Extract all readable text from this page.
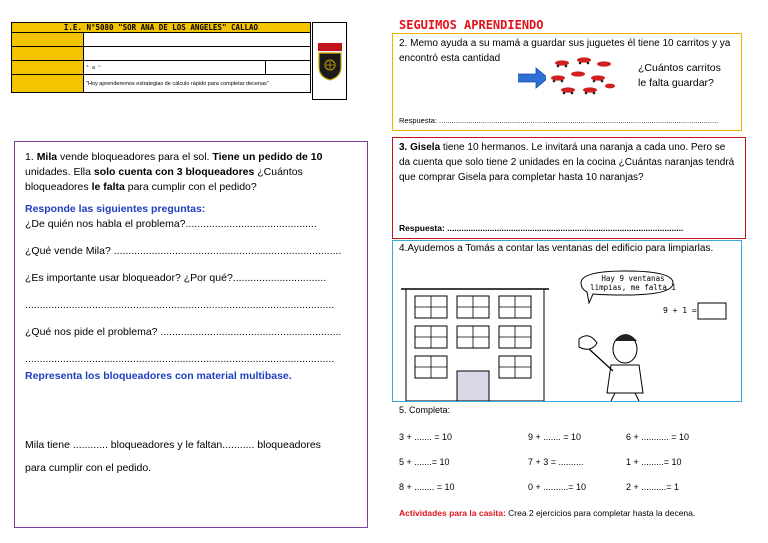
I.E. N°5080 "SOR ANA DE LOS ANGELES" CALLAO		

	° a ⁿ	
	"Hoy aprenderemos estrategias de cálculo rápido para completar decenas"	

1. Mila vende bloqueadores para el sol. Tiene un pedido de 10 unidades. Ella solo cuenta con 3 bloqueadores ¿Cuántos bloqueadores le falta para cumplir con el pedido?

Responde las siguientes preguntas:
¿De quién nos habla el problema?.............................................
¿Qué vende Mila? ..............................................................................
¿Es importante usar bloqueador? ¿Por qué?................................
..........................................................................................................
¿Qué nos pide el problema? ..............................................................
..........................................................................................................
Representa los bloqueadores con material multibase.
Mila tiene ............ bloqueadores y le faltan........... bloqueadores
para cumplir con el pedido.
SEGUIMOS APRENDIENDO
2. Memo ayuda a su mamá a guardar sus juguetes él tiene 10 carritos y ya encontró esta cantidad
¿Cuántos carritos
le falta guardar?
Respuesta: ......................................................................................................................................
3. Gisela tiene 10 hermanos. Le invitará una naranja a cada uno. Pero se da cuenta que solo tiene 2 unidades en la cocina ¿Cuántas naranjas tendrá que comprar Gisela para completar hasta 10 naranjas?
Respuesta: ....................................................................................................
4.Ayudemos a Tomás a contar las ventanas del edificio para limpiarlas.
Hay 9 ventanas
limpias, me falta 1
9 + 1 =
5. Completa:
3 + ....... = 10	9 + ....... = 10	6 + ........... = 10
5 + .......= 10	7 + 3 = ..........	1 + .........= 10
8 + ........ = 10	0 + ..........= 10	2 + ..........= 1
Actividades para la casita: Crea 2 ejercicios para completar hasta la decena.
